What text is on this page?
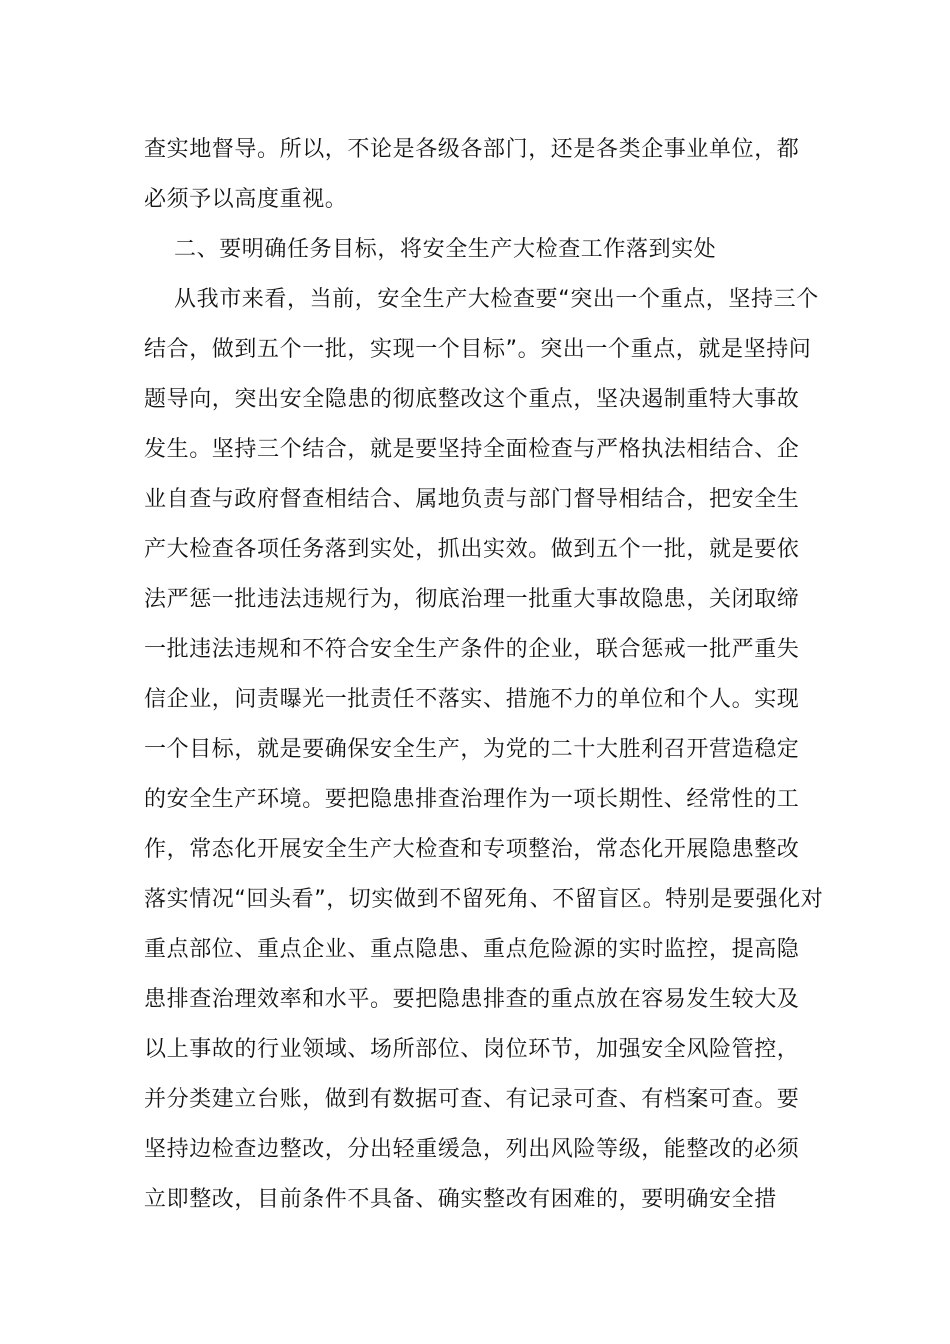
查实地督导。所以，不论是各级各部门，还是各类企事业单位，都
必须予以高度重视。
二、要明确任务目标，将安全生产大检查工作落到实处
从我市来看，当前，安全生产大检查要“突出一个重点，坚持三个
结合，做到五个一批，实现一个目标”。突出一个重点，就是坚持问
题导向，突出安全隐患的彻底整改这个重点，坚决遏制重特大事故
发生。坚持三个结合，就是要坚持全面检查与严格执法相结合、企
业自查与政府督查相结合、属地负责与部门督导相结合，把安全生
产大检查各项任务落到实处，抓出实效。做到五个一批，就是要依
法严惩一批违法违规行为，彻底治理一批重大事故隐患，关闭取缔
一批违法违规和不符合安全生产条件的企业，联合惩戒一批严重失
信企业，问责曝光一批责任不落实、措施不力的单位和个人。实现
一个目标，就是要确保安全生产，为党的二十大胜利召开营造稳定
的安全生产环境。要把隐患排查治理作为一项长期性、经常性的工
作，常态化开展安全生产大检查和专项整治，常态化开展隐患整改
落实情况“回头看”，切实做到不留死角、不留盲区。特别是要强化对
重点部位、重点企业、重点隐患、重点危险源的实时监控，提高隐
患排查治理效率和水平。要把隐患排查的重点放在容易发生较大及
以上事故的行业领域、场所部位、岗位环节，加强安全风险管控，
并分类建立台账，做到有数据可查、有记录可查、有档案可查。要
坚持边检查边整改，分出轻重缓急，列出风险等级，能整改的必须
立即整改，目前条件不具备、确实整改有困难的，要明确安全措
